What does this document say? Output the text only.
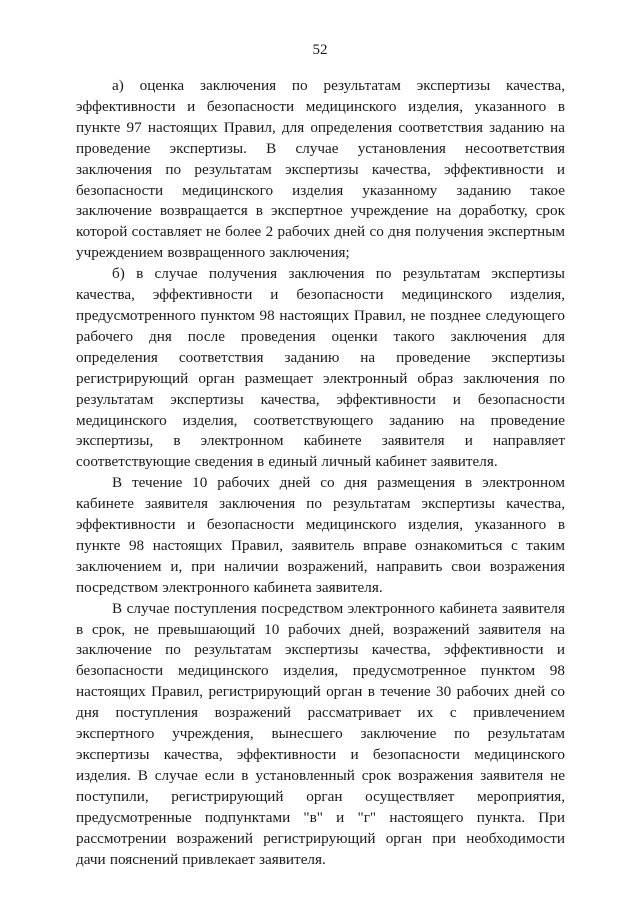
52

а) оценка заключения по результатам экспертизы качества, эффективности и безопасности медицинского изделия, указанного в пункте 97 настоящих Правил, для определения соответствия заданию на проведение экспертизы. В случае установления несоответствия заключения по результатам экспертизы качества, эффективности и безопасности медицинского изделия указанному заданию такое заключение возвращается в экспертное учреждение на доработку, срок которой составляет не более 2 рабочих дней со дня получения экспертным учреждением возвращенного заключения;

б) в случае получения заключения по результатам экспертизы качества, эффективности и безопасности медицинского изделия, предусмотренного пунктом 98 настоящих Правил, не позднее следующего рабочего дня после проведения оценки такого заключения для определения соответствия заданию на проведение экспертизы регистрирующий орган размещает электронный образ заключения по результатам экспертизы качества, эффективности и безопасности медицинского изделия, соответствующего заданию на проведение экспертизы, в электронном кабинете заявителя и направляет соответствующие сведения в единый личный кабинет заявителя.

В течение 10 рабочих дней со дня размещения в электронном кабинете заявителя заключения по результатам экспертизы качества, эффективности и безопасности медицинского изделия, указанного в пункте 98 настоящих Правил, заявитель вправе ознакомиться с таким заключением и, при наличии возражений, направить свои возражения посредством электронного кабинета заявителя.

В случае поступления посредством электронного кабинета заявителя в срок, не превышающий 10 рабочих дней, возражений заявителя на заключение по результатам экспертизы качества, эффективности и безопасности медицинского изделия, предусмотренное пунктом 98 настоящих Правил, регистрирующий орган в течение 30 рабочих дней со дня поступления возражений рассматривает их с привлечением экспертного учреждения, вынесшего заключение по результатам экспертизы качества, эффективности и безопасности медицинского изделия. В случае если в установленный срок возражения заявителя не поступили, регистрирующий орган осуществляет мероприятия, предусмотренные подпунктами "в" и "г" настоящего пункта. При рассмотрении возражений регистрирующий орган при необходимости дачи пояснений привлекает заявителя.
